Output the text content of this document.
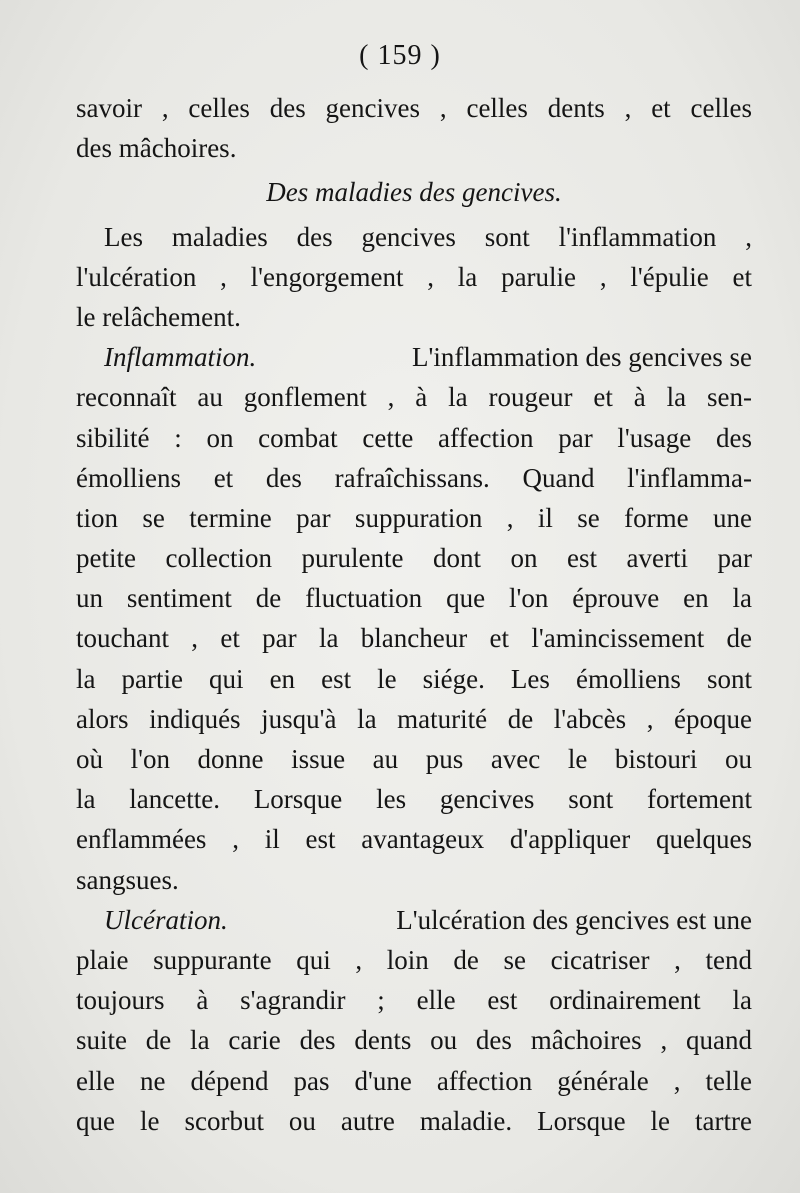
( 159 )
savoir , celles des gencives , celles dents , et celles
des mâchoires.
Des maladies des gencives.
Les maladies des gencives sont l'inflammation ,
l'ulcération , l'engorgement , la parulie , l'épulie et
le relâchement.
Inflammation.	L'inflammation des gencives se
reconnaît au gonflement , à la rougeur et à la sen-
sibilité : on combat cette affection par l'usage des
émolliens et des rafraîchissans. Quand l'inflamma-
tion se termine par suppuration , il se forme une
petite collection purulente dont on est averti par
un sentiment de fluctuation que l'on éprouve en la
touchant , et par la blancheur et l'amincissement de
la partie qui en est le siége. Les émolliens sont
alors indiqués jusqu'à la maturité de l'abcès , époque
où l'on donne issue au pus avec le bistouri ou
la lancette. Lorsque les gencives sont fortement
enflammées , il est avantageux d'appliquer quelques
sangsues.
Ulcération.	L'ulcération des gencives est une
plaie suppurante qui , loin de se cicatriser , tend
toujours à s'agrandir ; elle est ordinairement la
suite de la carie des dents ou des mâchoires , quand
elle ne dépend pas d'une affection générale , telle
que le scorbut ou autre maladie. Lorsque le tartre
